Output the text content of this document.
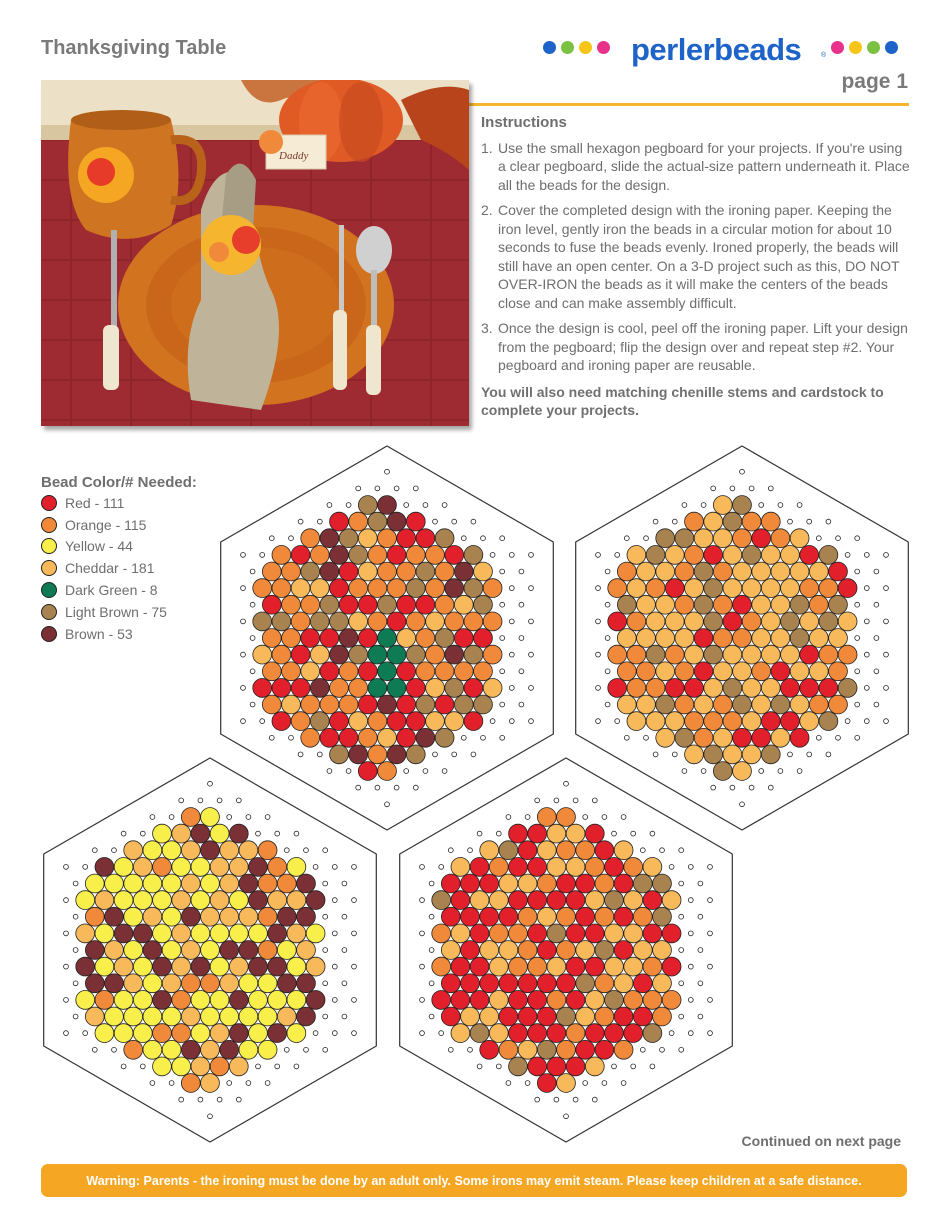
Thanksgiving Table	perlerbeads	®
page 1
Daddy
Instructions
1. Use the small hexagon pegboard for your projects. If you're using a clear pegboard, slide the actual-size pattern underneath it. Place all the beads for the design.
2. Cover the completed design with the ironing paper. Keeping the iron level, gently iron the beads in a circular motion for about 10 seconds to fuse the beads evenly. Ironed properly, the beads will still have an open center. On a 3-D project such as this, DO NOT OVER-IRON the beads as it will make the centers of the beads close and can make assembly difficult.
3. Once the design is cool, peel off the ironing paper. Lift your design from the pegboard; flip the design over and repeat step #2. Your pegboard and ironing paper are reusable.
You will also need matching chenille stems and cardstock to complete your projects.
Bead Color/# Needed:
Red - 111
Orange - 115
Yellow - 44
Cheddar - 181
Dark Green - 8
Light Brown - 75
Brown - 53
Continued on next page
Warning: Parents - the ironing must be done by an adult only. Some irons may emit steam. Please keep children at a safe distance.
